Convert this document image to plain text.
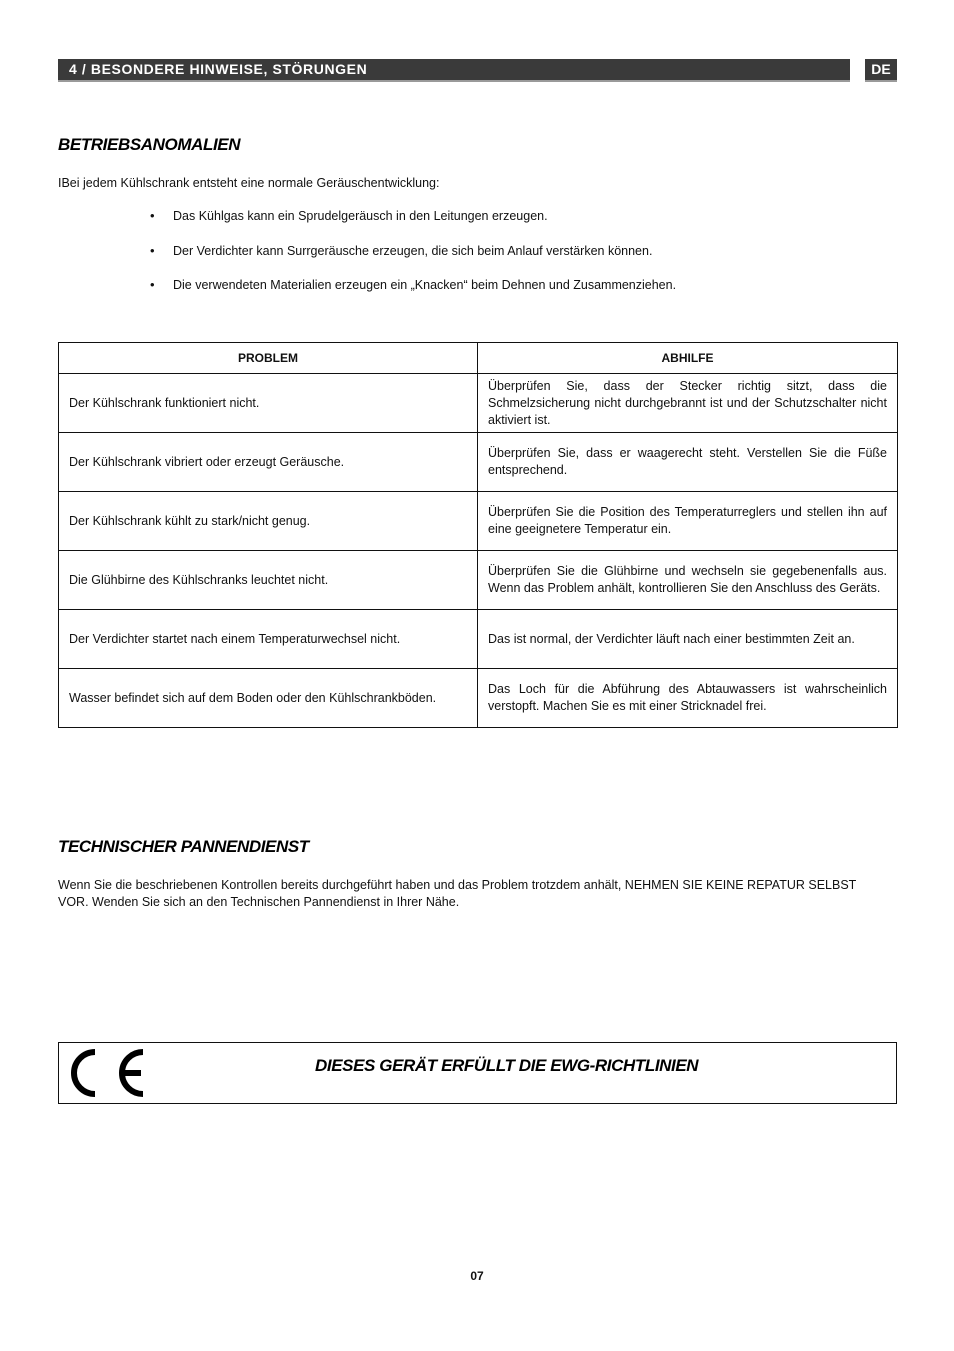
4 / BESONDERE HINWEISE, STÖRUNGEN	DE
BETRIEBSANOMALIEN
IBei jedem Kühlschrank entsteht eine normale Geräuschentwicklung:
• Das Kühlgas kann ein Sprudelgeräusch in den Leitungen erzeugen.
• Der Verdichter kann Surrgeräusche erzeugen, die sich beim Anlauf verstärken können.
• Die verwendeten Materialien erzeugen ein „Knacken“ beim Dehnen und Zusammenziehen.
PROBLEM	ABHILFE
Der Kühlschrank funktioniert nicht.	Überprüfen Sie, dass der Stecker richtig sitzt, dass die Schmelzsicherung nicht durchgebrannt ist und der Schutzschalter nicht aktiviert ist.
Der Kühlschrank vibriert oder erzeugt Geräusche.	Überprüfen Sie, dass er waagerecht steht. Verstellen Sie die Füße entsprechend.
Der Kühlschrank kühlt zu stark/nicht genug.	Überprüfen Sie die Position des Temperaturreglers und stellen ihn auf eine geeignetere Temperatur ein.
Die Glühbirne des Kühlschranks leuchtet nicht.	Überprüfen Sie die Glühbirne und wechseln sie gegebenenfalls aus. Wenn das Problem anhält, kontrollieren Sie den Anschluss des Geräts.
Der Verdichter startet nach einem Temperaturwechsel nicht.	Das ist normal, der Verdichter läuft nach einer bestimmten Zeit an.
Wasser befindet sich auf dem Boden oder den Kühlschrankböden.	Das Loch für die Abführung des Abtauwassers ist wahrscheinlich verstopft. Machen Sie es mit einer Stricknadel frei.
TECHNISCHER PANNENDIENST
Wenn Sie die beschriebenen Kontrollen bereits durchgeführt haben und das Problem trotzdem anhält, NEHMEN SIE KEINE REPATUR SELBST VOR. Wenden Sie sich an den Technischen Pannendienst in Ihrer Nähe.
DIESES GERÄT ERFÜLLT DIE EWG-RICHTLINIEN
07
